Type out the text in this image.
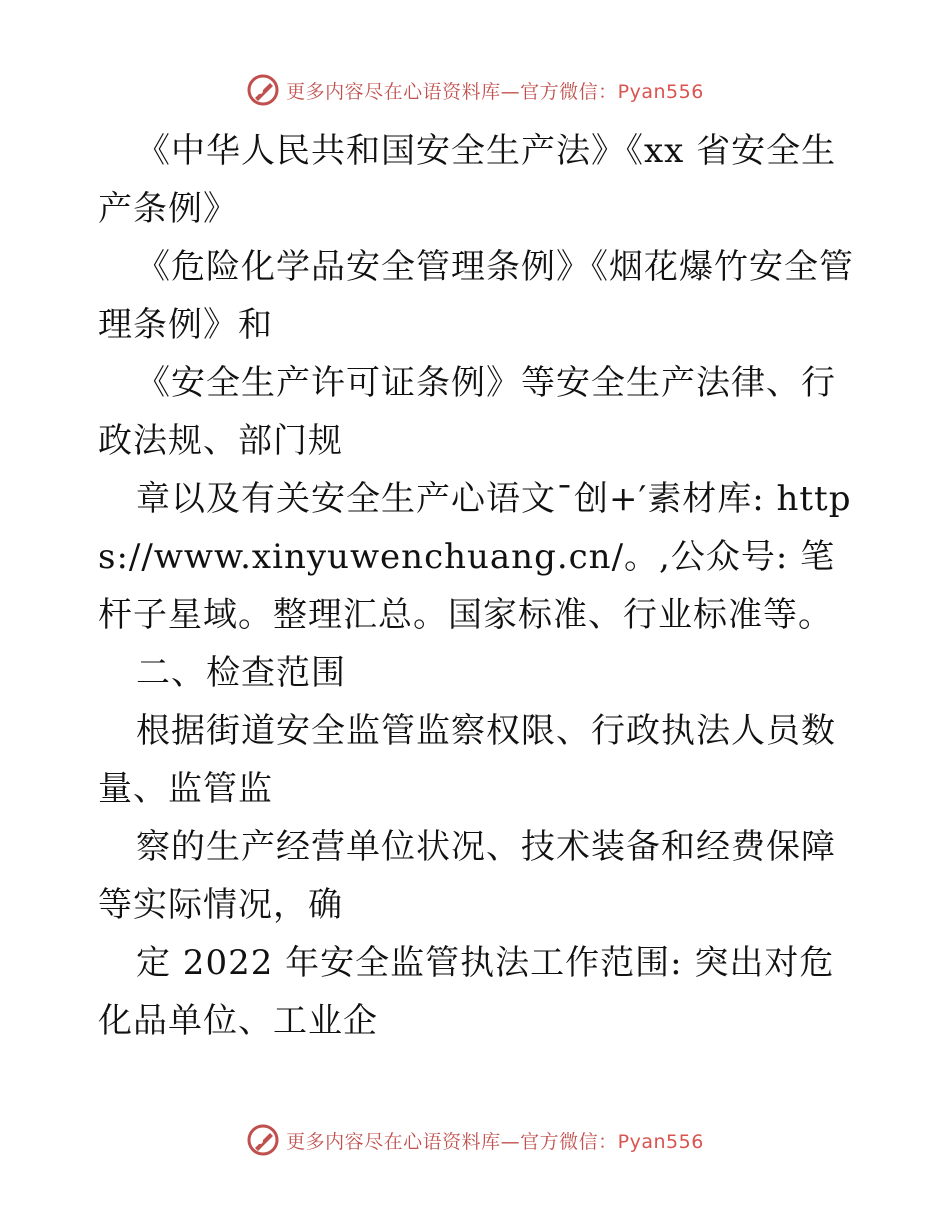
更多内容尽在心语资料库—官方微信：Pyan556

《中华人民共和国安全生产法》《xx 省安全生产条例》

《危险化学品安全管理条例》《烟花爆竹安全管理条例》和

《安全生产许可证条例》等安全生产法律、行政法规、部门规

章以及有关安全生产心语文¯创+′素材库: https://www.xinyuwenchuang.cn/。,公众号: 笔杆子星域。整理汇总。国家标准、行业标准等。

二、检查范围

根据街道安全监管监察权限、行政执法人员数量、监管监

察的生产经营单位状况、技术装备和经费保障等实际情况，确

定 2022 年安全监管执法工作范围: 突出对危化品单位、工业企

更多内容尽在心语资料库—官方微信：Pyan556
